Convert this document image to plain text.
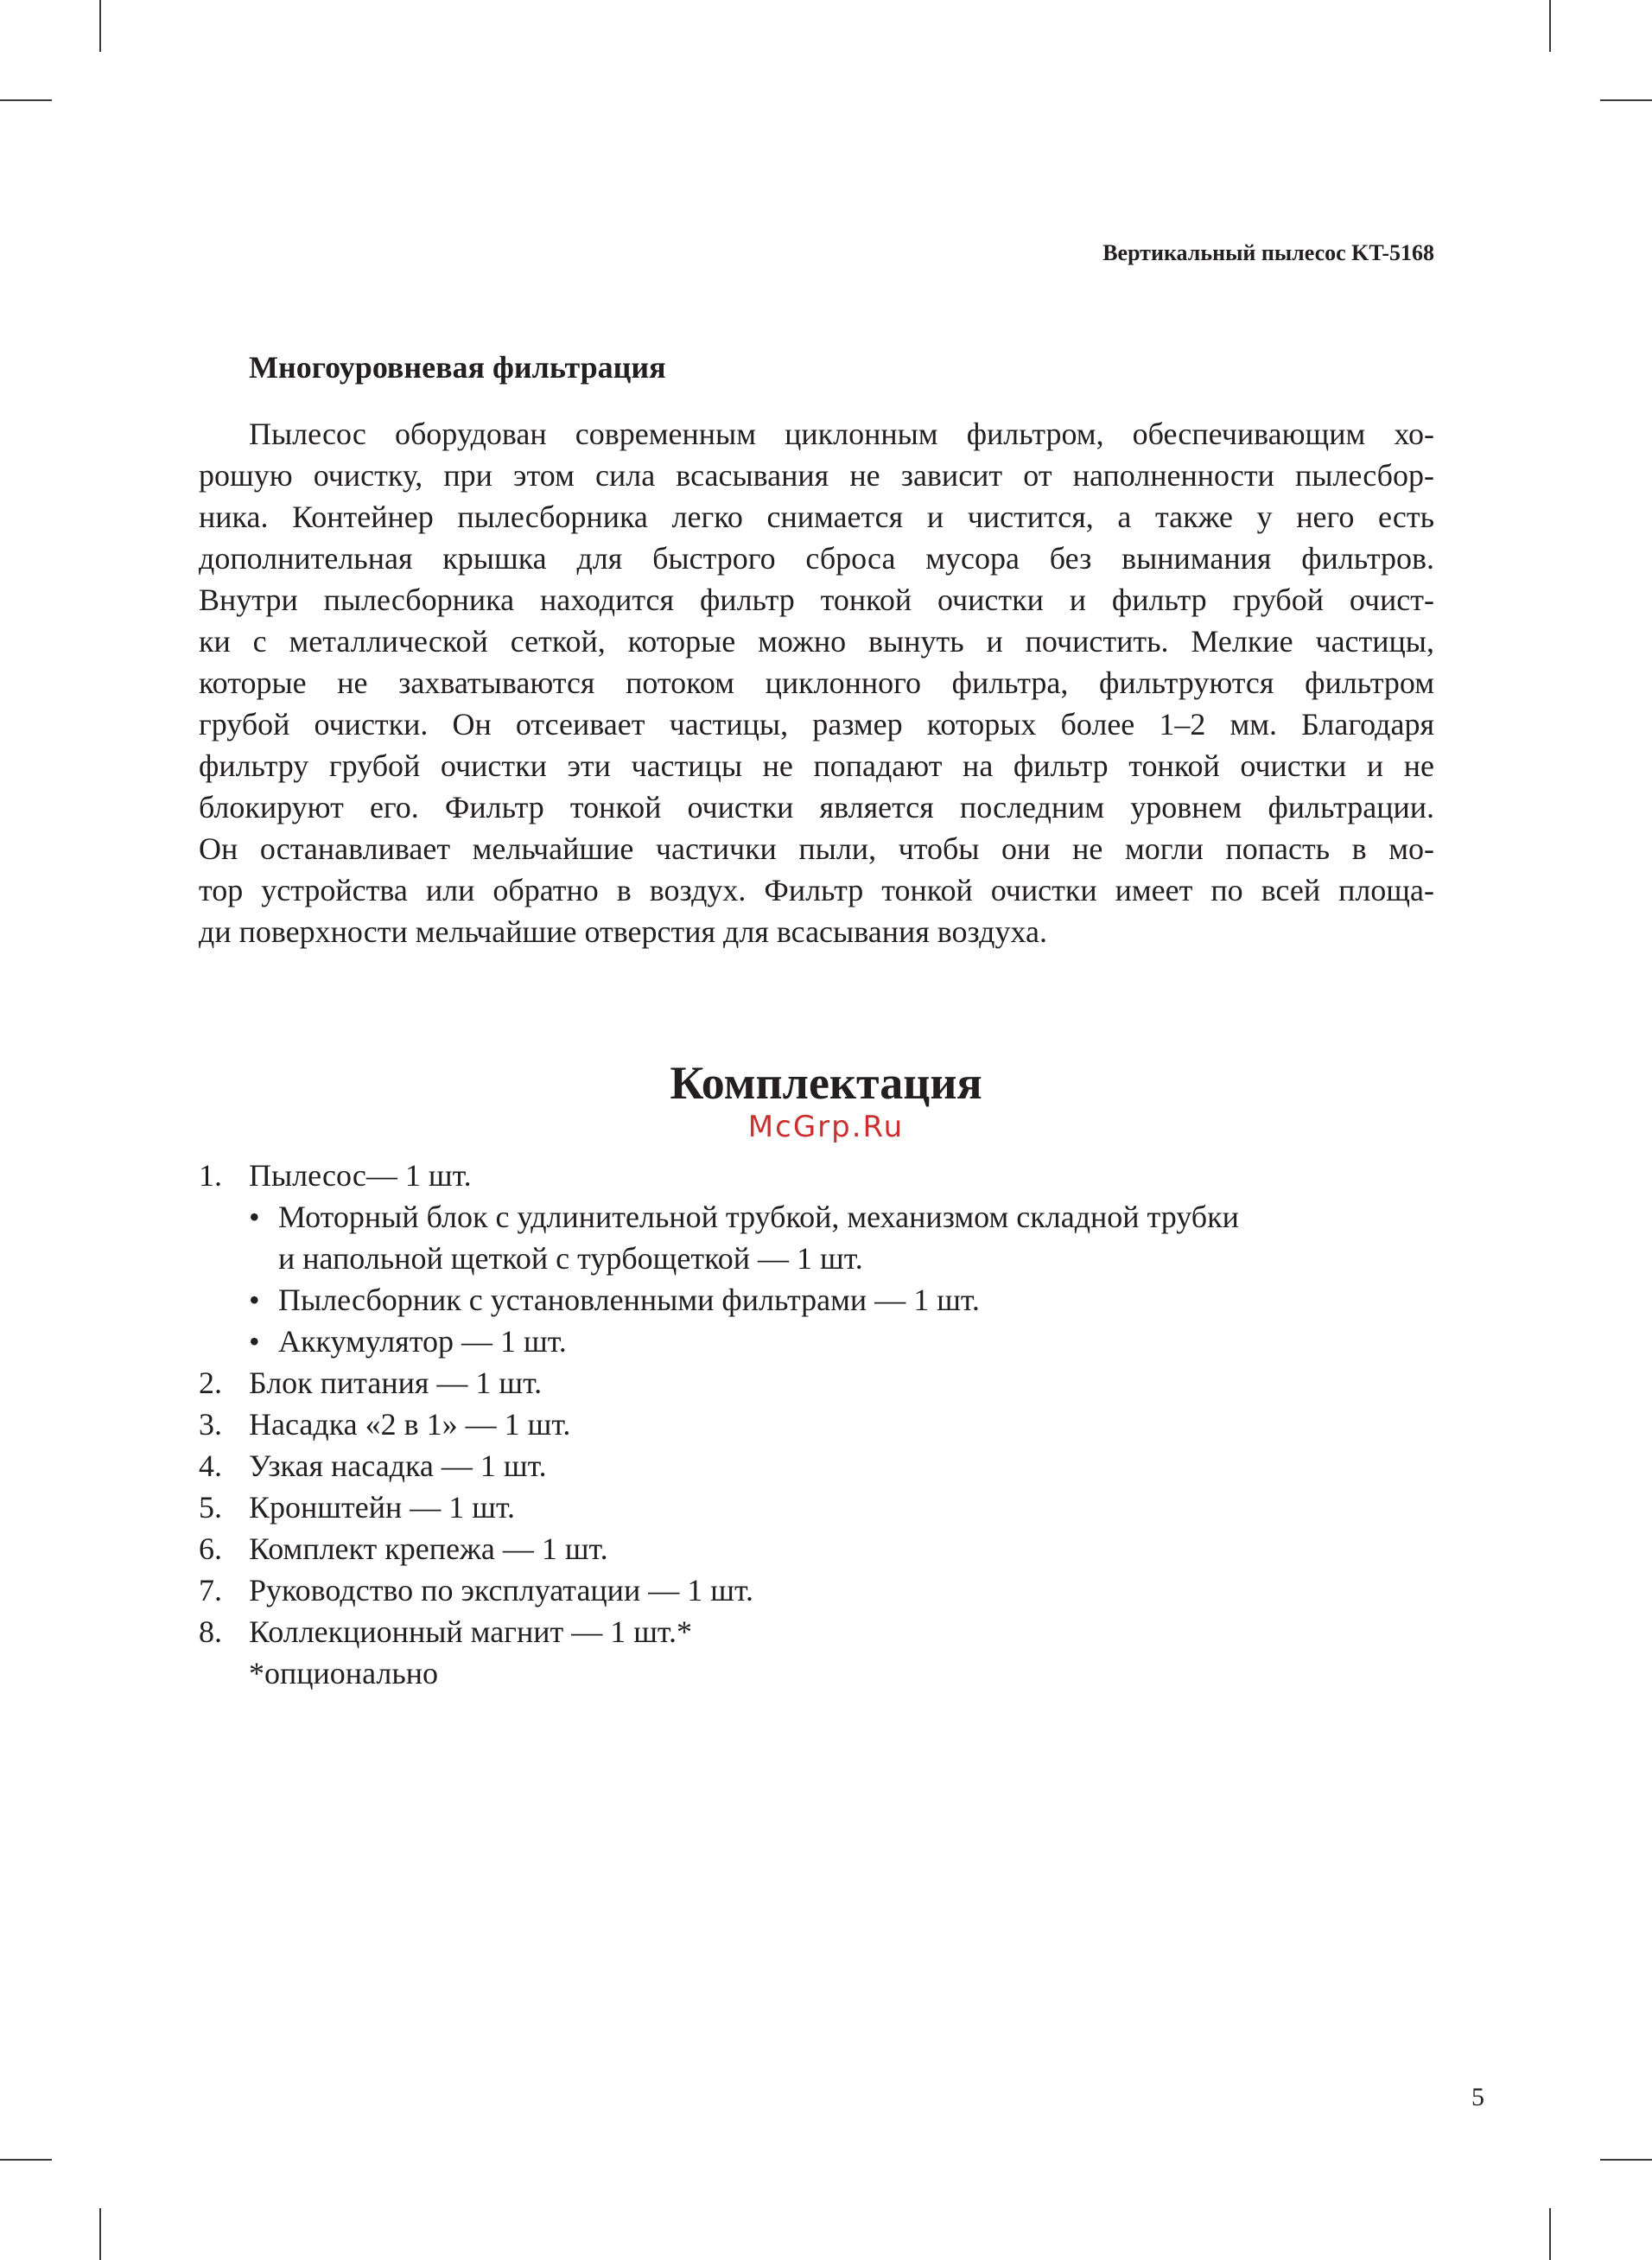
Вертикальный пылесос KT-5168
Многоуровневая фильтрация
Пылесос оборудован современным циклонным фильтром, обеспечивающим хо-
рошую очистку, при этом сила всасывания не зависит от наполненности пылесбор-
ника. Контейнер пылесборника легко снимается и чистится, а также у него есть
дополнительная крышка для быстрого сброса мусора без вынимания фильтров.
Внутри пылесборника находится фильтр тонкой очистки и фильтр грубой очист-
ки с металлической сеткой, которые можно вынуть и почистить. Мелкие частицы,
которые не захватываются потоком циклонного фильтра, фильтруются фильтром
грубой очистки. Он отсеивает частицы, размер которых более 1–2 мм. Благодаря
фильтру грубой очистки эти частицы не попадают на фильтр тонкой очистки и не
блокируют его. Фильтр тонкой очистки является последним уровнем фильтрации.
Он останавливает мельчайшие частички пыли, чтобы они не могли попасть в мо-
тор устройства или обратно в воздух. Фильтр тонкой очистки имеет по всей площа-
ди поверхности мельчайшие отверстия для всасывания воздуха.
Комплектация
McGrp.Ru
1. Пылесос— 1 шт.
• Моторный блок с удлинительной трубкой, механизмом складной трубки
и напольной щеткой с турбощеткой — 1 шт.
• Пылесборник с установленными фильтрами — 1 шт.
• Аккумулятор — 1 шт.
2. Блок питания — 1 шт.
3. Насадка «2 в 1» — 1 шт.
4. Узкая насадка — 1 шт.
5. Кронштейн — 1 шт.
6. Комплект крепежа — 1 шт.
7. Руководство по эксплуатации — 1 шт.
8. Коллекционный магнит — 1 шт.*
*опционально
5
